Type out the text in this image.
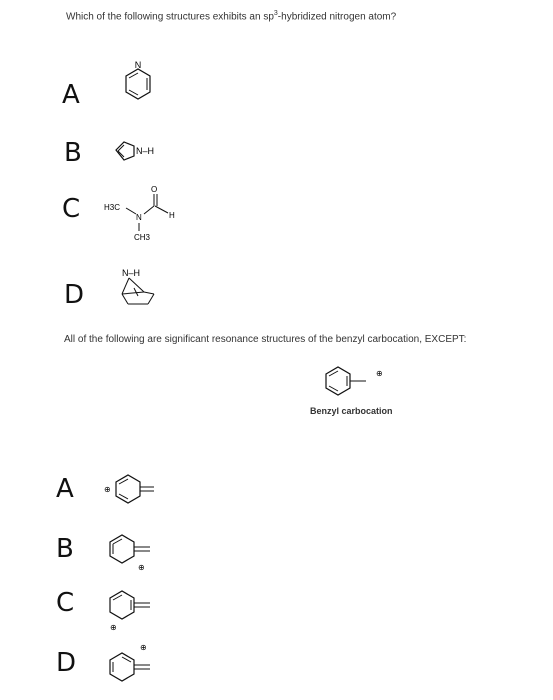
Which of the following structures exhibits an $sp^3$-hybridized nitrogen atom?
A
N
B	N–H
C	H3C
N
O
H
CH3
D
N–H
All of the following are significant resonance structures of the benzyl carbocation, EXCEPT:
⊕
Benzyl carbocation
A	⊕
B
⊕
C
⊕
D
⊕
